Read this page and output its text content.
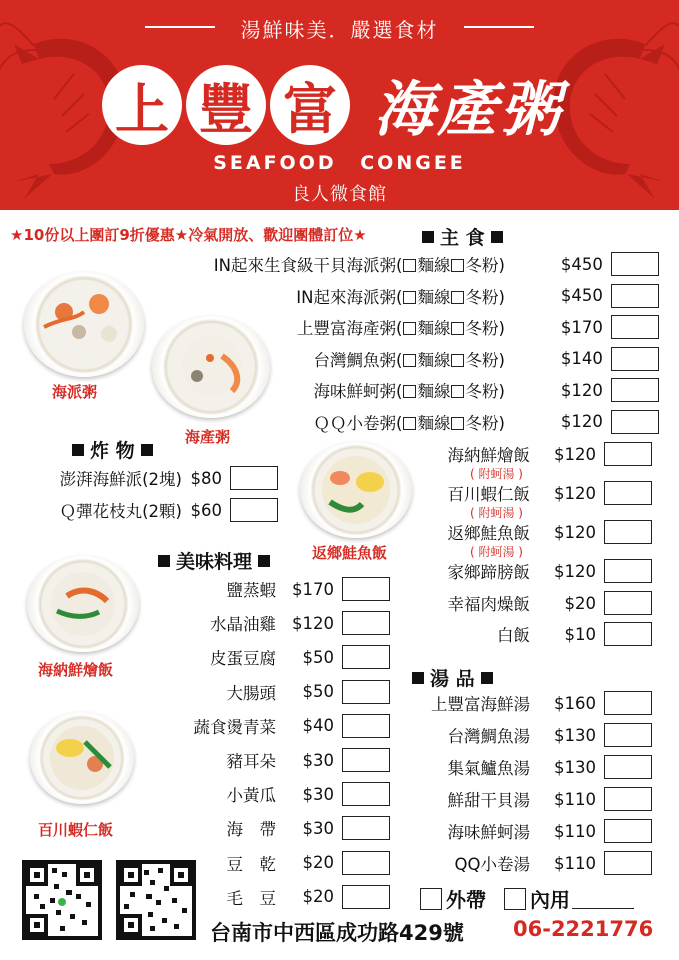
湯鮮味美．嚴選食材
上 豐 富 海產粥
SEAFOOD CONGEE
良人微食館
★10份以上團訂9折優惠★冷氣開放、歡迎團體訂位★	主 食
IN起來生食級干貝海派粥 ( 麵線 冬粉)	$450
IN起來海派粥 ( 麵線 冬粉)	$450
上豐富海產粥 ( 麵線 冬粉)	$170
台灣鯛魚粥 ( 麵線 冬粉)	$140
海味鮮蚵粥 ( 麵線 冬粉)	$120
ＱＱ小卷粥 ( 麵線 冬粉)	$120
海納鮮燴飯	$120
( 附蚵湯 )
百川蝦仁飯	$120
( 附蚵湯 )
返鄉鮭魚飯	$120
( 附蚵湯 )
家鄉蹄膀飯	$120
幸福肉燥飯	$20
白飯	$10
炸 物
澎湃海鮮派(2塊) $80
Ｑ彈花枝丸(2顆) $60
美味料理
鹽蒸蝦 $170
水晶油雞 $120
皮蛋豆腐	$50
大腸頭	$50
蔬食燙青菜	$40
豬耳朵	$30
小黃瓜	$30
海　帶	$30
豆　乾	$20
毛　豆	$20
湯 品
上豐富海鮮湯	$160
台灣鯛魚湯	$130
集氣鱸魚湯	$130
鮮甜干貝湯	$110
海味鮮蚵湯	$110
QQ小卷湯	$110
海派粥
海產粥
返鄉鮭魚飯
海納鮮燴飯
百川蝦仁飯
外帶 內用
台南市中西區成功路429號 06-2221776
